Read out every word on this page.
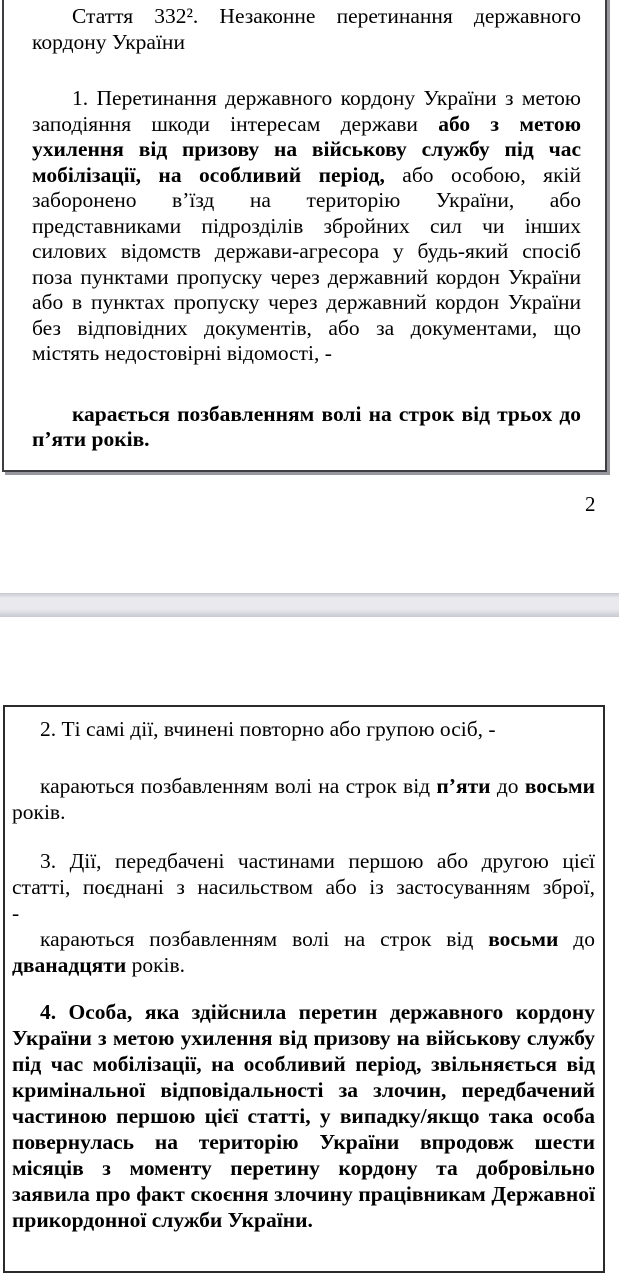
Стаття 332². Незаконне перетинання державного кордону України

1. Перетинання державного кордону України з метою заподіяння шкоди інтересам держави або з метою ухилення від призову на військову службу під час мобілізації, на особливий період, або особою, якій заборонено в’їзд на територію України, або представниками підрозділів збройних сил чи інших силових відомств держави-агресора у будь-який спосіб поза пунктами пропуску через державний кордон України або в пунктах пропуску через державний кордон України без відповідних документів, або за документами, що містять недостовірні відомості, -

карається позбавленням волі на строк від трьох до п’яти років.

2

2. Ті самі дії, вчинені повторно або групою осіб, -

караються позбавленням волі на строк від п’яти до восьми років.

3. Дії, передбачені частинами першою або другою цієї статті, поєднані з насильством або із застосуванням зброї,

-

караються позбавленням волі на строк від восьми до дванадцяти років.

4. Особа, яка здійснила перетин державного кордону України з метою ухилення від призову на військову службу під час мобілізації, на особливий період, звільняється від кримінальної відповідальності за злочин, передбачений частиною першою цієї статті, у випадку/якщо така особа повернулась на територію України впродовж шести місяців з моменту перетину кордону та добровільно заявила про факт скоєння злочину працівникам Державної прикордонної служби України.
